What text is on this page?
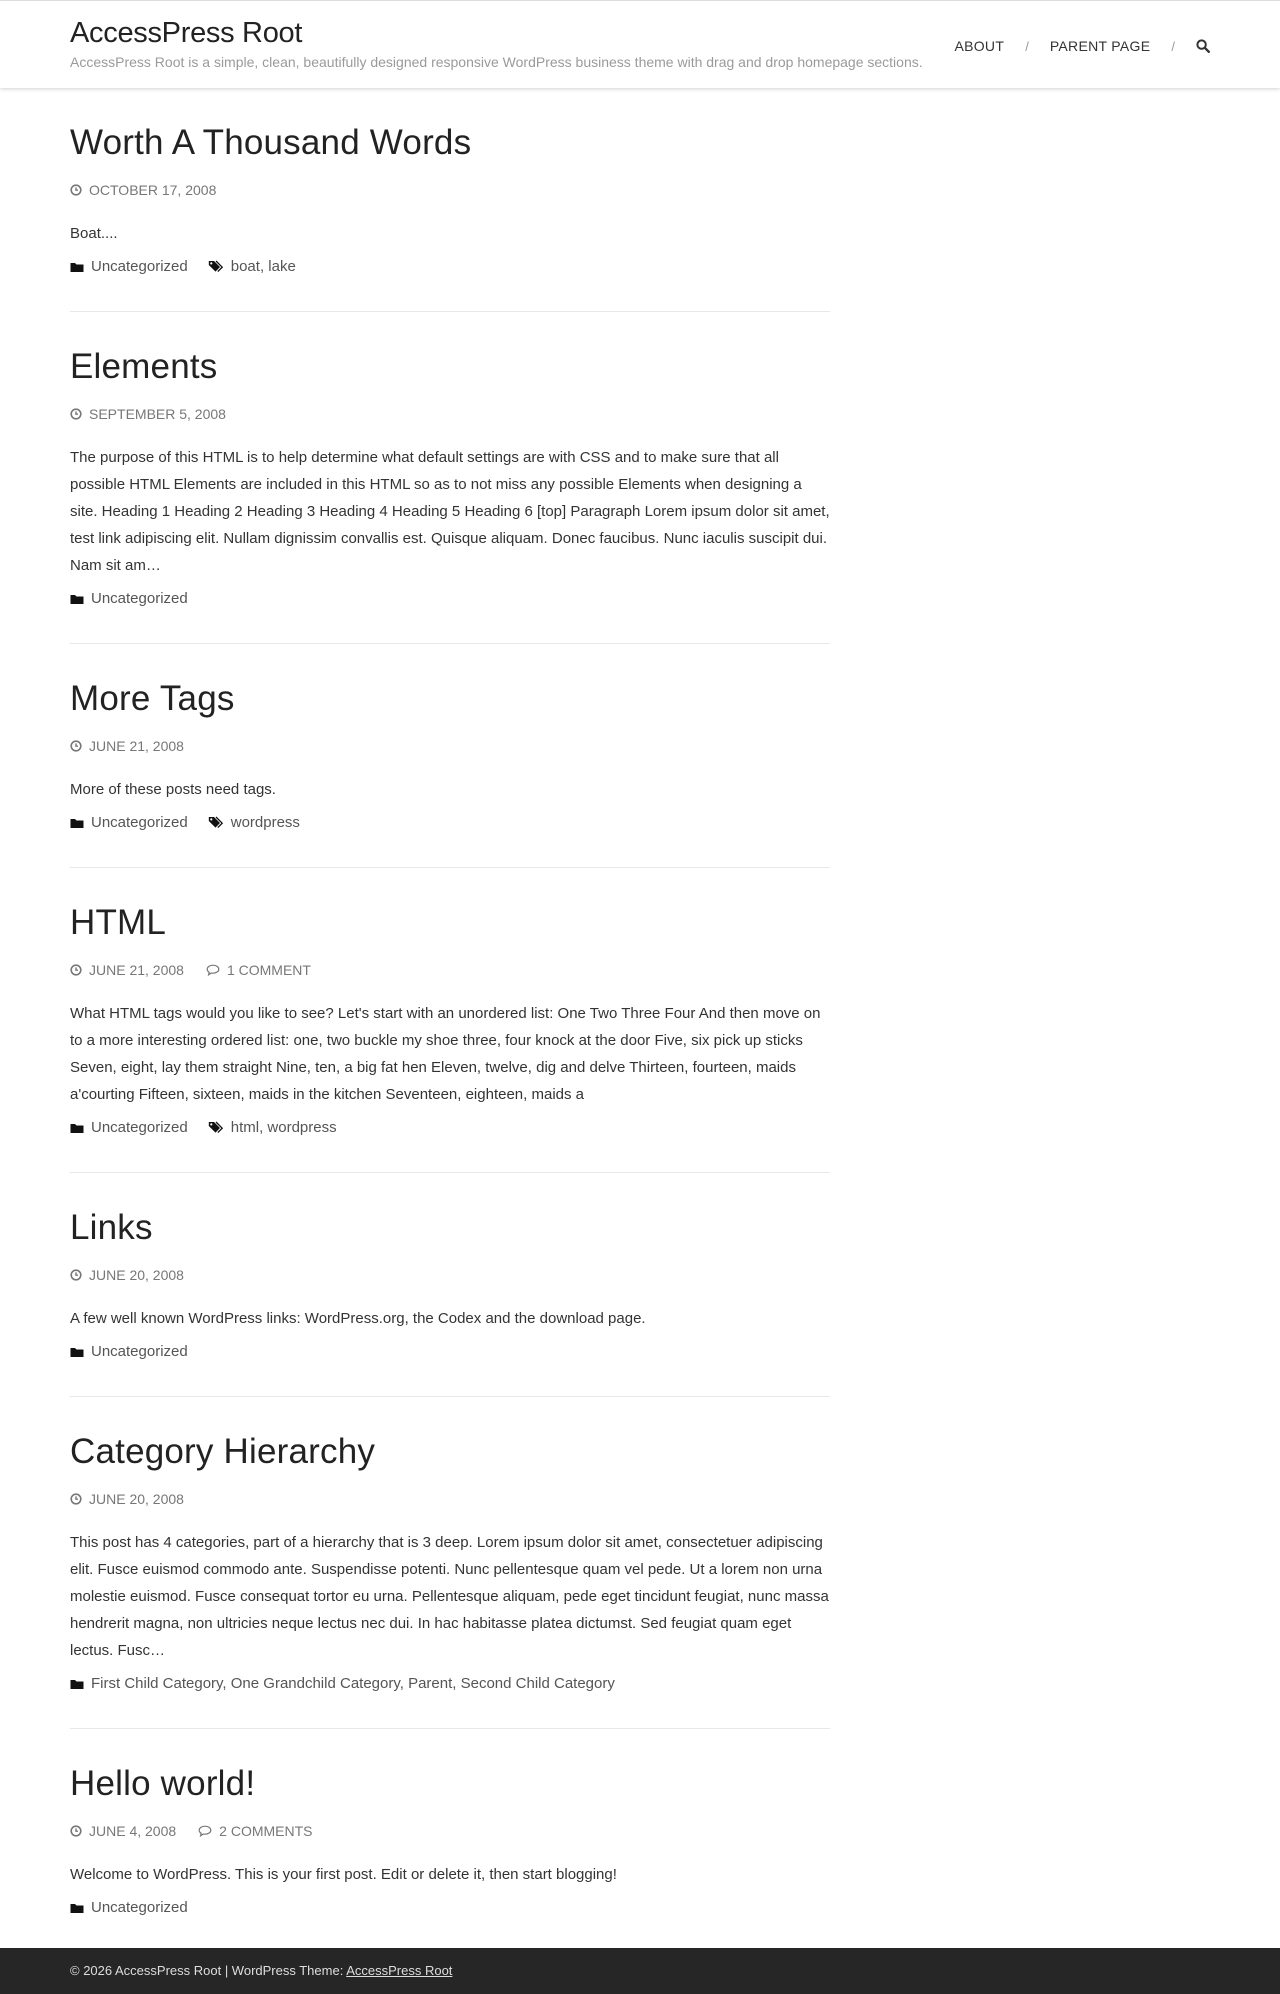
AccessPress Root
AccessPress Root is a simple, clean, beautifully designed responsive WordPress business theme with drag and drop homepage sections.
ABOUT / PARENT PAGE /
Worth A Thousand Words
OCTOBER 17, 2008
Boat....
Uncategorized	boat , lake
Elements
SEPTEMBER 5, 2008
The purpose of this HTML is to help determine what default settings are with CSS and to make sure that all possible HTML Elements are included in this HTML so as to not miss any possible Elements when designing a site. Heading 1 Heading 2 Heading 3 Heading 4 Heading 5 Heading 6 [top] Paragraph Lorem ipsum dolor sit amet, test link adipiscing elit. Nullam dignissim convallis est. Quisque aliquam. Donec faucibus. Nunc iaculis suscipit dui. Nam sit am…
Uncategorized
More Tags
JUNE 21, 2008
More of these posts need tags.
Uncategorized	wordpress
HTML
JUNE 21, 2008	1 COMMENT
What HTML tags would you like to see? Let's start with an unordered list: One Two Three Four And then move on to a more interesting ordered list: one, two buckle my shoe three, four knock at the door Five, six pick up sticks Seven, eight, lay them straight Nine, ten, a big fat hen Eleven, twelve, dig and delve Thirteen, fourteen, maids a'courting Fifteen, sixteen, maids in the kitchen Seventeen, eighteen, maids a
Uncategorized	html , wordpress
Links
JUNE 20, 2008
A few well known WordPress links: WordPress.org, the Codex and the download page.
Uncategorized
Category Hierarchy
JUNE 20, 2008
This post has 4 categories, part of a hierarchy that is 3 deep. Lorem ipsum dolor sit amet, consectetuer adipiscing elit. Fusce euismod commodo ante. Suspendisse potenti. Nunc pellentesque quam vel pede. Ut a lorem non urna molestie euismod. Fusce consequat tortor eu urna. Pellentesque aliquam, pede eget tincidunt feugiat, nunc massa hendrerit magna, non ultricies neque lectus nec dui. In hac habitasse platea dictumst. Sed feugiat quam eget lectus. Fusc…
First Child Category, One Grandchild Category, Parent, Second Child Category
Hello world!
JUNE 4, 2008	2 COMMENTS
Welcome to WordPress. This is your first post. Edit or delete it, then start blogging!
Uncategorized
© 2026 AccessPress Root | WordPress Theme: AccessPress Root
